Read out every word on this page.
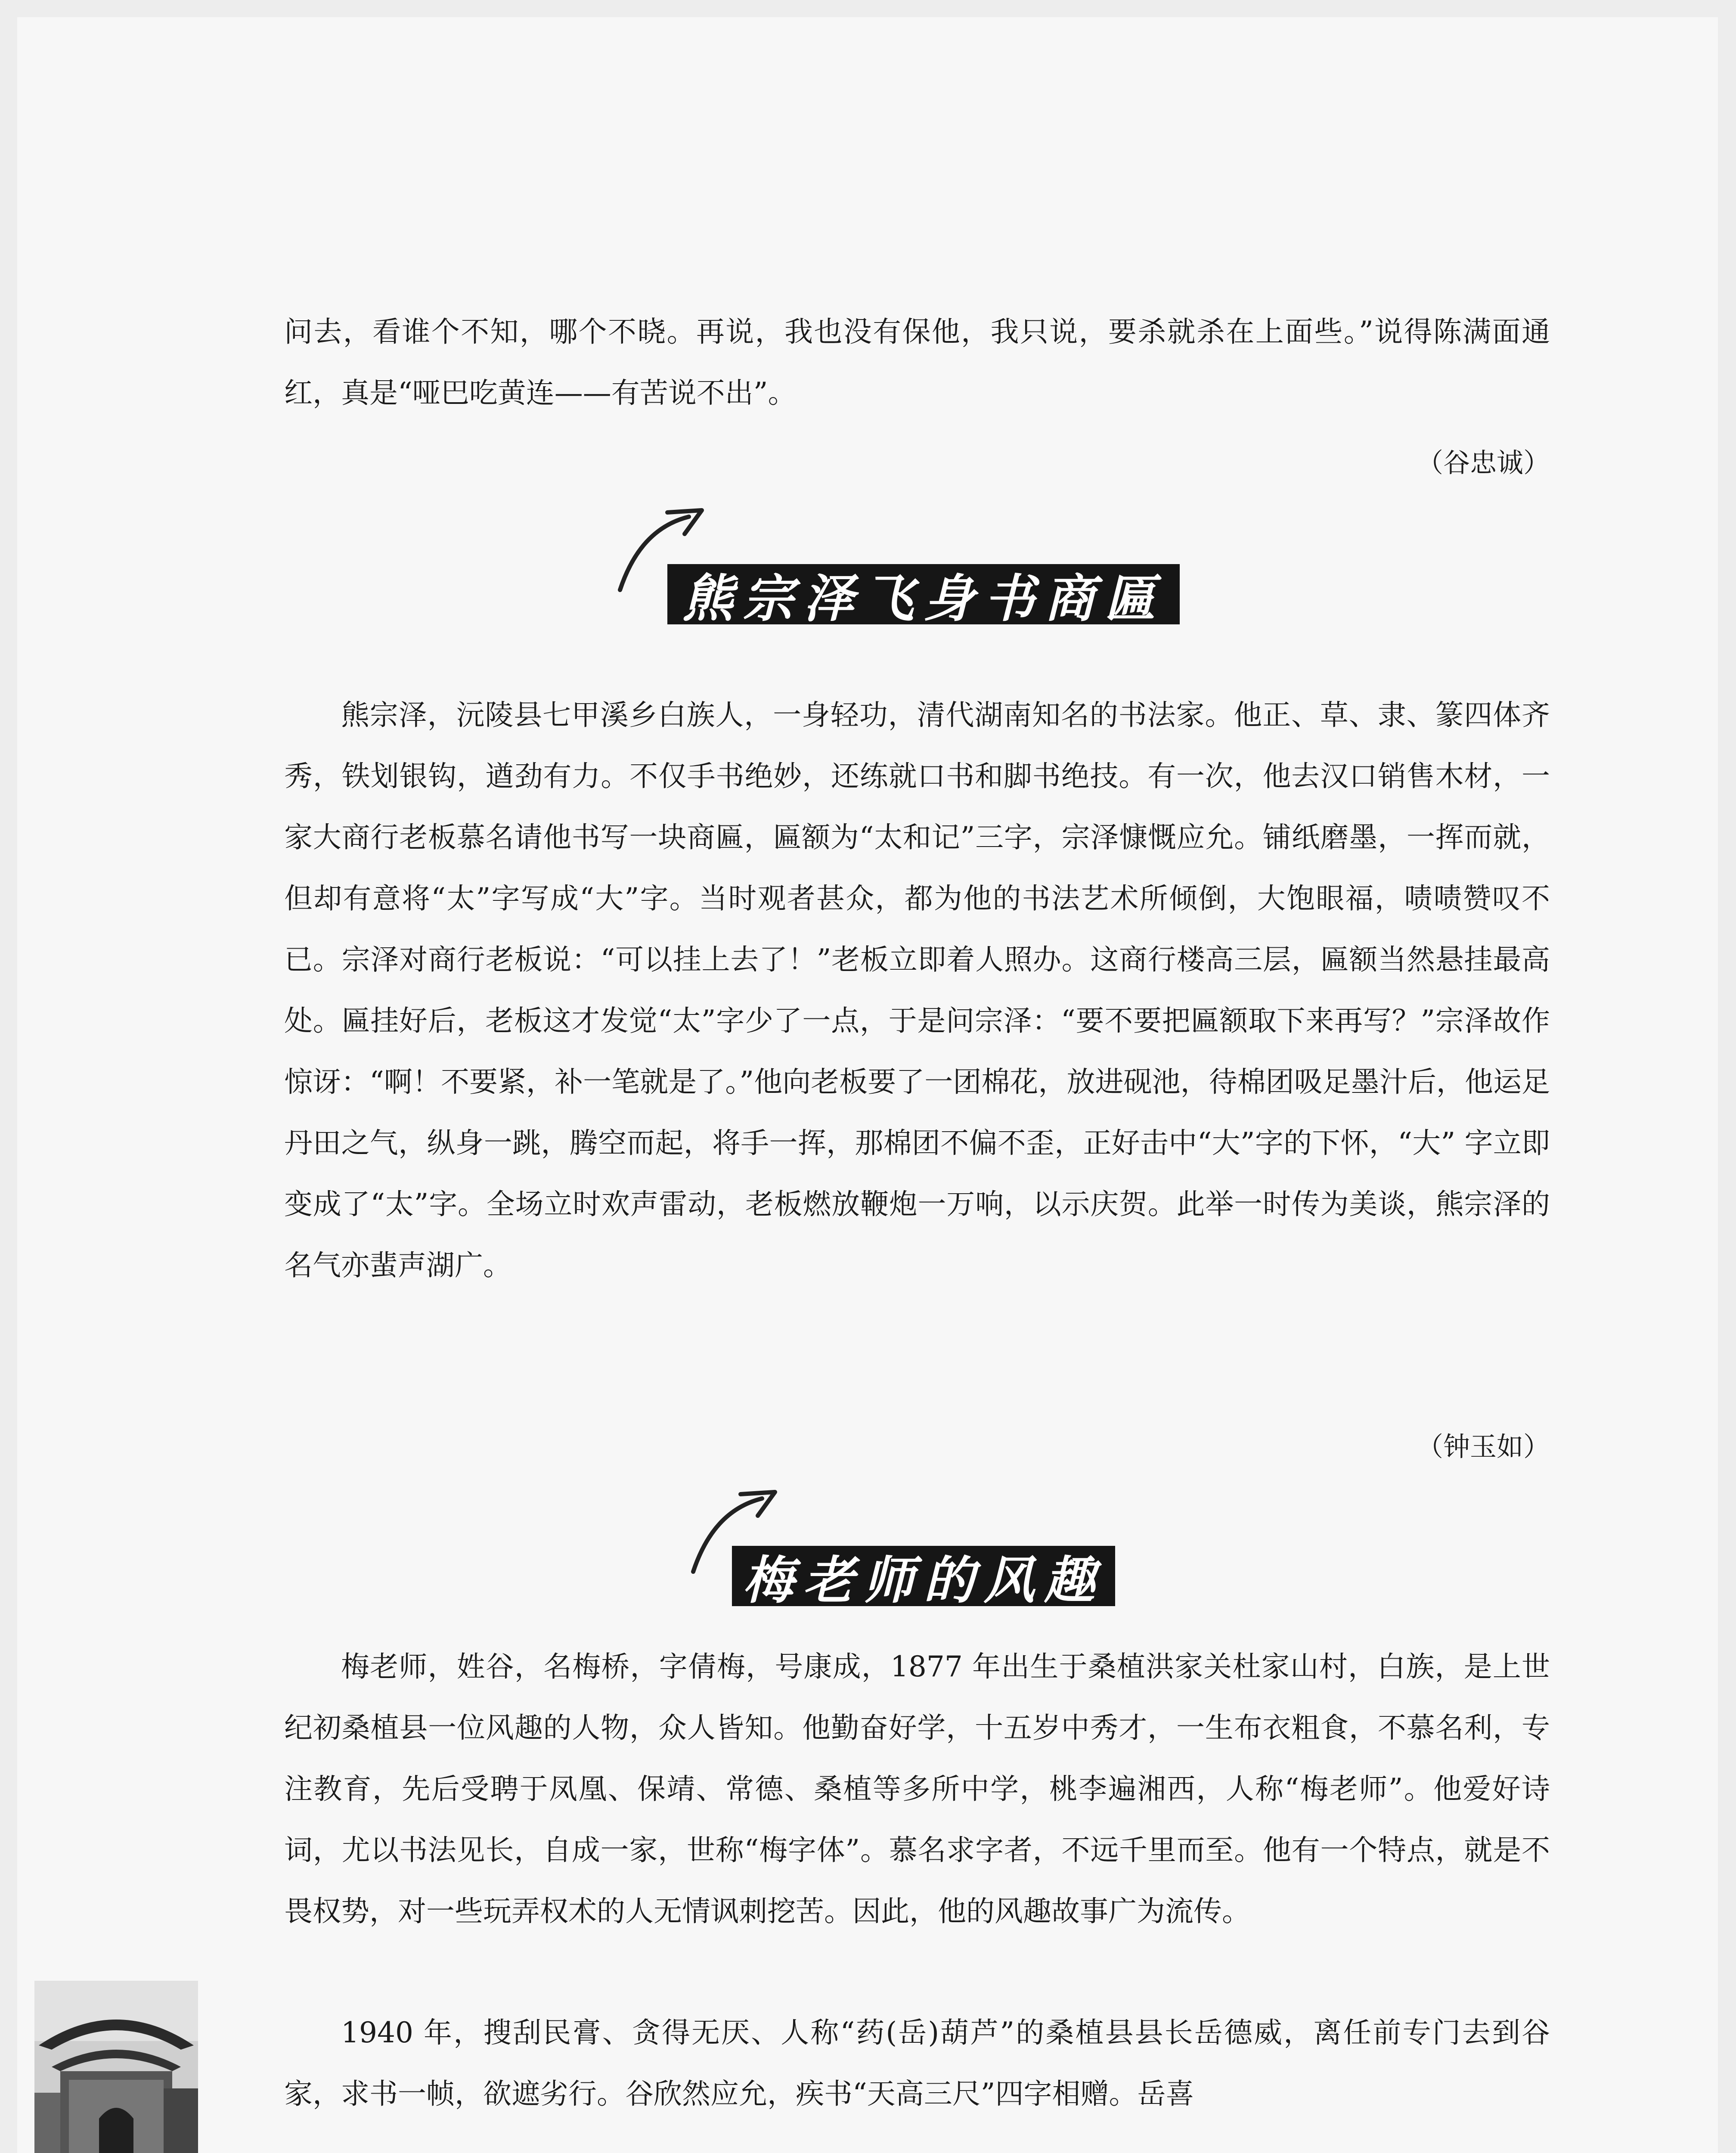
问去，看谁个不知，哪个不晓。再说，我也没有保他，我只说，要杀就杀在上面些。”说得陈满面通红，真是“哑巴吃黄连——有苦说不出”。

（谷忠诚）

熊宗泽飞身书商匾

熊宗泽，沅陵县七甲溪乡白族人，一身轻功，清代湖南知名的书法家。他正、草、隶、篆四体齐秀，铁划银钩，遒劲有力。不仅手书绝妙，还练就口书和脚书绝技。有一次，他去汉口销售木材，一家大商行老板慕名请他书写一块商匾，匾额为“太和记”三字，宗泽慷慨应允。铺纸磨墨，一挥而就，但却有意将“太”字写成“大”字。当时观者甚众，都为他的书法艺术所倾倒，大饱眼福，啧啧赞叹不已。宗泽对商行老板说：“可以挂上去了！”老板立即着人照办。这商行楼高三层，匾额当然悬挂最高处。匾挂好后，老板这才发觉“太”字少了一点，于是问宗泽：“要不要把匾额取下来再写？”宗泽故作惊讶：“啊！不要紧，补一笔就是了。”他向老板要了一团棉花，放进砚池，待棉团吸足墨汁后，他运足丹田之气，纵身一跳，腾空而起，将手一挥，那棉团不偏不歪，正好击中“大”字的下怀，“大” 字立即变成了“太”字。全场立时欢声雷动，老板燃放鞭炮一万响，以示庆贺。此举一时传为美谈，熊宗泽的名气亦蜚声湖广。

（钟玉如）

梅老师的风趣

梅老师，姓谷，名梅桥，字倩梅，号康成，1877 年出生于桑植洪家关杜家山村，白族，是上世纪初桑植县一位风趣的人物，众人皆知。他勤奋好学，十五岁中秀才，一生布衣粗食，不慕名利，专注教育，先后受聘于凤凰、保靖、常德、桑植等多所中学，桃李遍湘西，人称“梅老师”。他爱好诗词，尤以书法见长，自成一家，世称“梅字体”。慕名求字者，不远千里而至。他有一个特点，就是不畏权势，对一些玩弄权术的人无情讽刺挖苦。因此，他的风趣故事广为流传。

1940 年，搜刮民膏、贪得无厌、人称“药(岳)葫芦”的桑植县县长岳德威，离任前专门去到谷家，求书一帧，欲遮劣行。谷欣然应允，疾书“天高三尺”四字相赠。岳喜
